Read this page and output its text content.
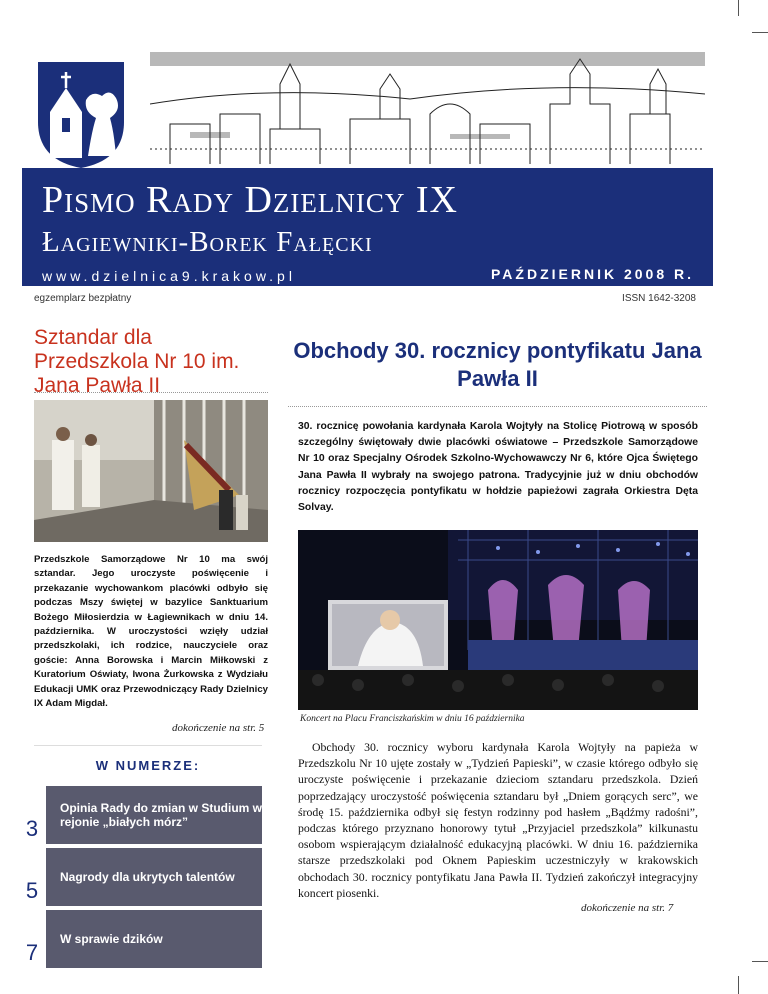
Pismo Rady Dzielnicy IX
Łagiewniki-Borek Fałęcki
www.dzielnica9.krakow.pl	PAŹDZIERNIK 2008 R.
egzemplarz bezpłatny	ISSN 1642-3208
Sztandar dla Przedszkola Nr 10 im. Jana Pawła II
Przedszkole Samorządowe Nr 10 ma swój sztandar. Jego uroczyste poświęcenie i przekazanie wychowankom placówki odbyło się podczas Mszy świętej w bazylice Sanktuarium Bożego Miłosierdzia w Łagiewnikach w dniu 14. października. W uroczystości wzięły udział przedszkolaki, ich rodzice, nauczyciele oraz goście: Anna Borowska i Marcin Miłkowski z Kuratorium Oświaty, Iwona Żurkowska z Wydziału Edukacji UMK oraz Przewodniczący Rady Dzielnicy IX Adam Migdał.
dokończenie na str. 5
W NUMERZE:
Opinia Rady do zmian w Studium w rejonie „białych mórz”
3
Nagrody dla ukrytych talentów
5
W sprawie dzików
7
Obchody 30. rocznicy pontyfikatu Jana Pawła II
30. rocznicę powołania kardynała Karola Wojtyły na Stolicę Piotrową w sposób szczególny świętowały dwie placówki oświatowe – Przedszkole Samorządowe Nr 10 oraz Specjalny Ośrodek Szkolno-Wychowawczy Nr 6, które Ojca Świętego Jana Pawła II wybrały na swojego patrona. Tradycyjnie już w dniu obchodów rocznicy rozpoczęcia pontyfikatu w hołdzie papieżowi zagrała Orkiestra Dęta Solvay.
Koncert na Placu Franciszkańskim w dniu 16 października
Obchody 30. rocznicy wyboru kardynała Karola Wojtyły na papieża w Przedszkolu Nr 10 ujęte zostały w „Tydzień Papieski”, w czasie którego odbyło się uroczyste poświęcenie i przekazanie dzieciom sztandaru przedszkola. Dzień poprzedzający uroczystość poświęcenia sztandaru był „Dniem gorących serc”, we środę 15. października odbył się festyn rodzinny pod hasłem „Bądźmy radośni”, podczas którego przyznano honorowy tytuł „Przyjaciel przedszkola” kilkunastu osobom wspierającym działalność edukacyjną placówki. W dniu 16. października starsze przedszkolaki pod Oknem Papieskim uczestniczyły w krakowskich obchodach 30. rocznicy pontyfikatu Jana Pawła II. Tydzień zakończył integracyjny koncert piosenki.
dokończenie na str. 7
